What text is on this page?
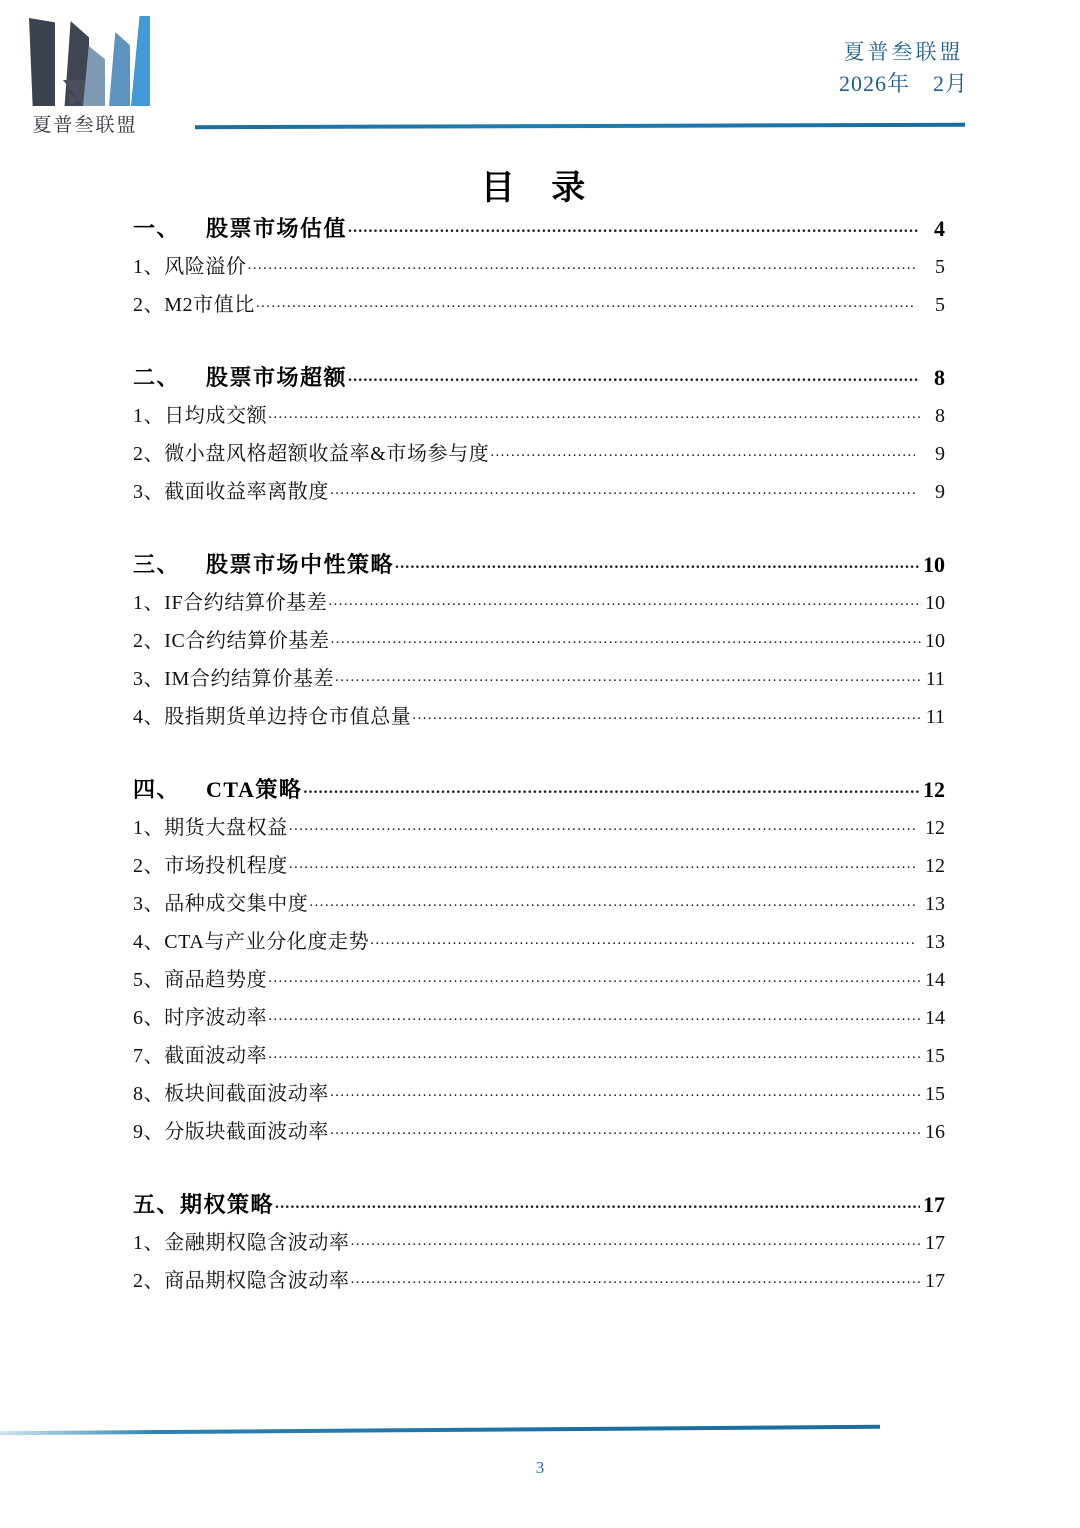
夏普叁联盟
夏普叁联盟
2026年　2月
目 录
一、 股票市场估值 .....	4
1、风险溢价 .....	5
2、M2市值比 .....	5
二、 股票市场超额 .....	8
1、日均成交额 .....	8
2、微小盘风格超额收益率&市场参与度 .....	9
3、截面收益率离散度 .....	9
三、 股票市场中性策略 .....	10
1、IF合约结算价基差 .....	10
2、IC合约结算价基差 .....	10
3、IM合约结算价基差 .....	11
4、股指期货单边持仓市值总量 .....	11
四、 CTA策略 .....	12
1、期货大盘权益 .....	12
2、市场投机程度 .....	12
3、品种成交集中度 .....	13
4、CTA与产业分化度走势 .....	13
5、商品趋势度 .....	14
6、时序波动率 .....	14
7、截面波动率 .....	15
8、板块间截面波动率 .....	15
9、分版块截面波动率 .....	16
五、期权策略 .....	17
1、金融期权隐含波动率 .....	17
2、商品期权隐含波动率 .....	17
3
